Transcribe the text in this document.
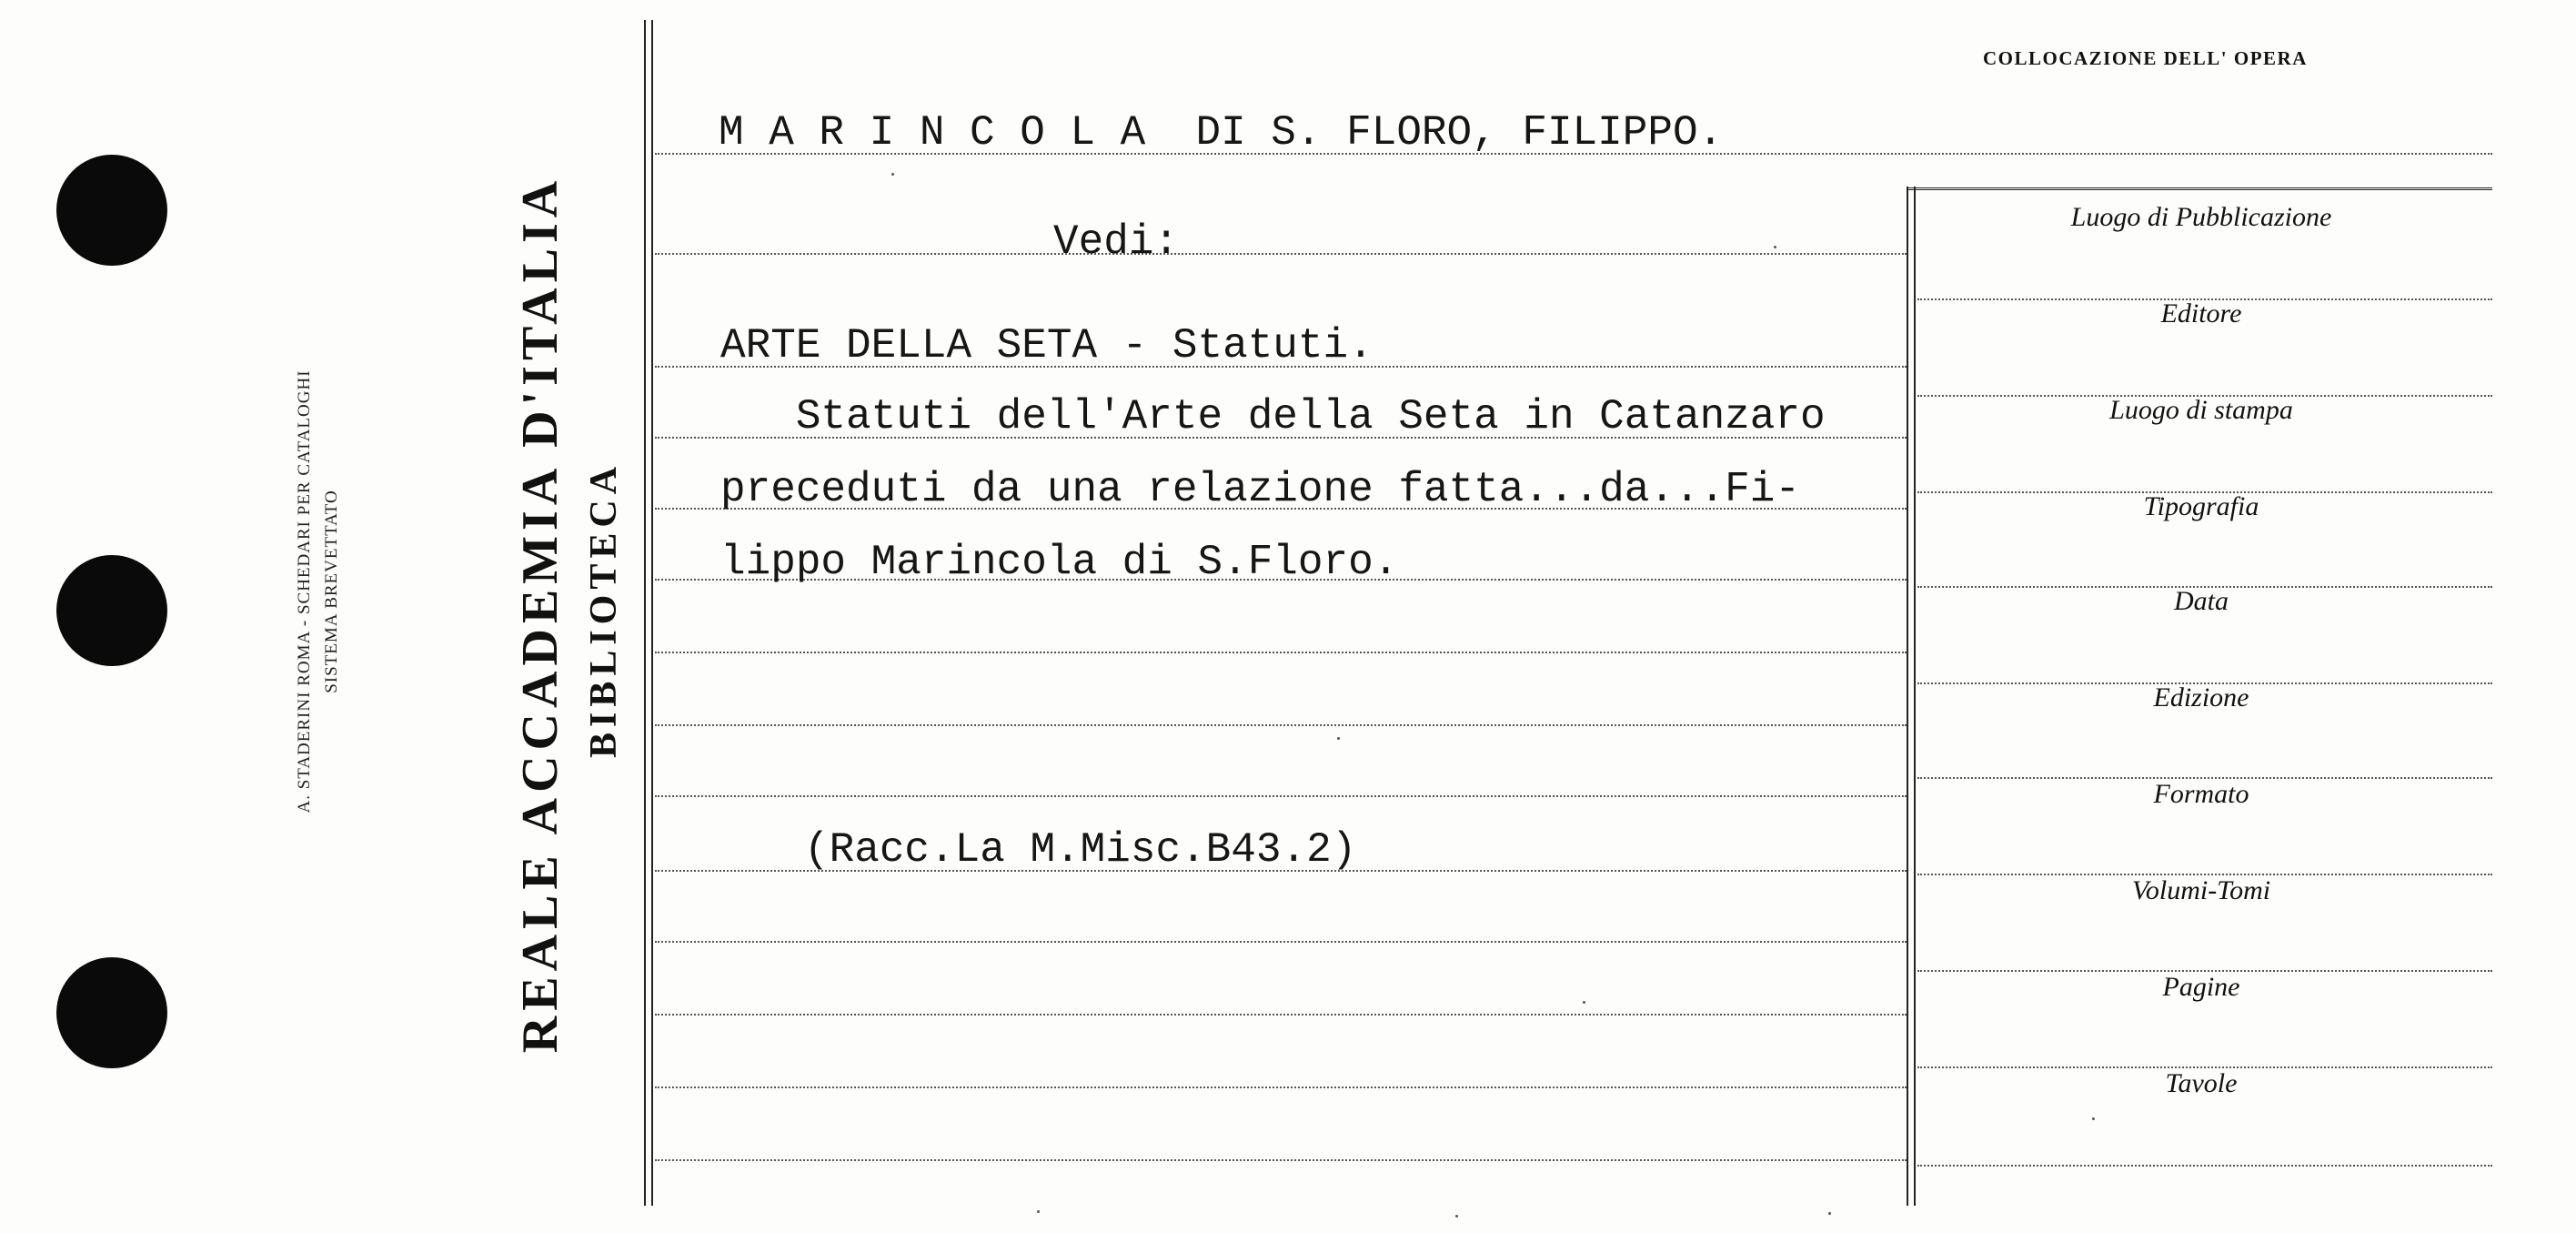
A. STADERINI ROMA - SCHEDARI PER CATALOGHI SISTEMA BREVETTATO	REALE ACCADEMIA D'ITALIA BIBLIOTECA
COLLOCAZIONE DELL' OPERA
Luogo di Pubblicazione
Editore
Luogo di stampa
Tipografia
Data
Edizione
Formato
Volumi-Tomi
Pagine
Tavole
M A R I N C O L A  DI S. FLORO, FILIPPO.
Vedi:
ARTE DELLA SETA - Statuti.
Statuti dell'Arte della Seta in Catanzaro
preceduti da una relazione fatta...da...Fi-
lippo Marincola di S.Floro.
(Racc.La M.Misc.B43.2)
